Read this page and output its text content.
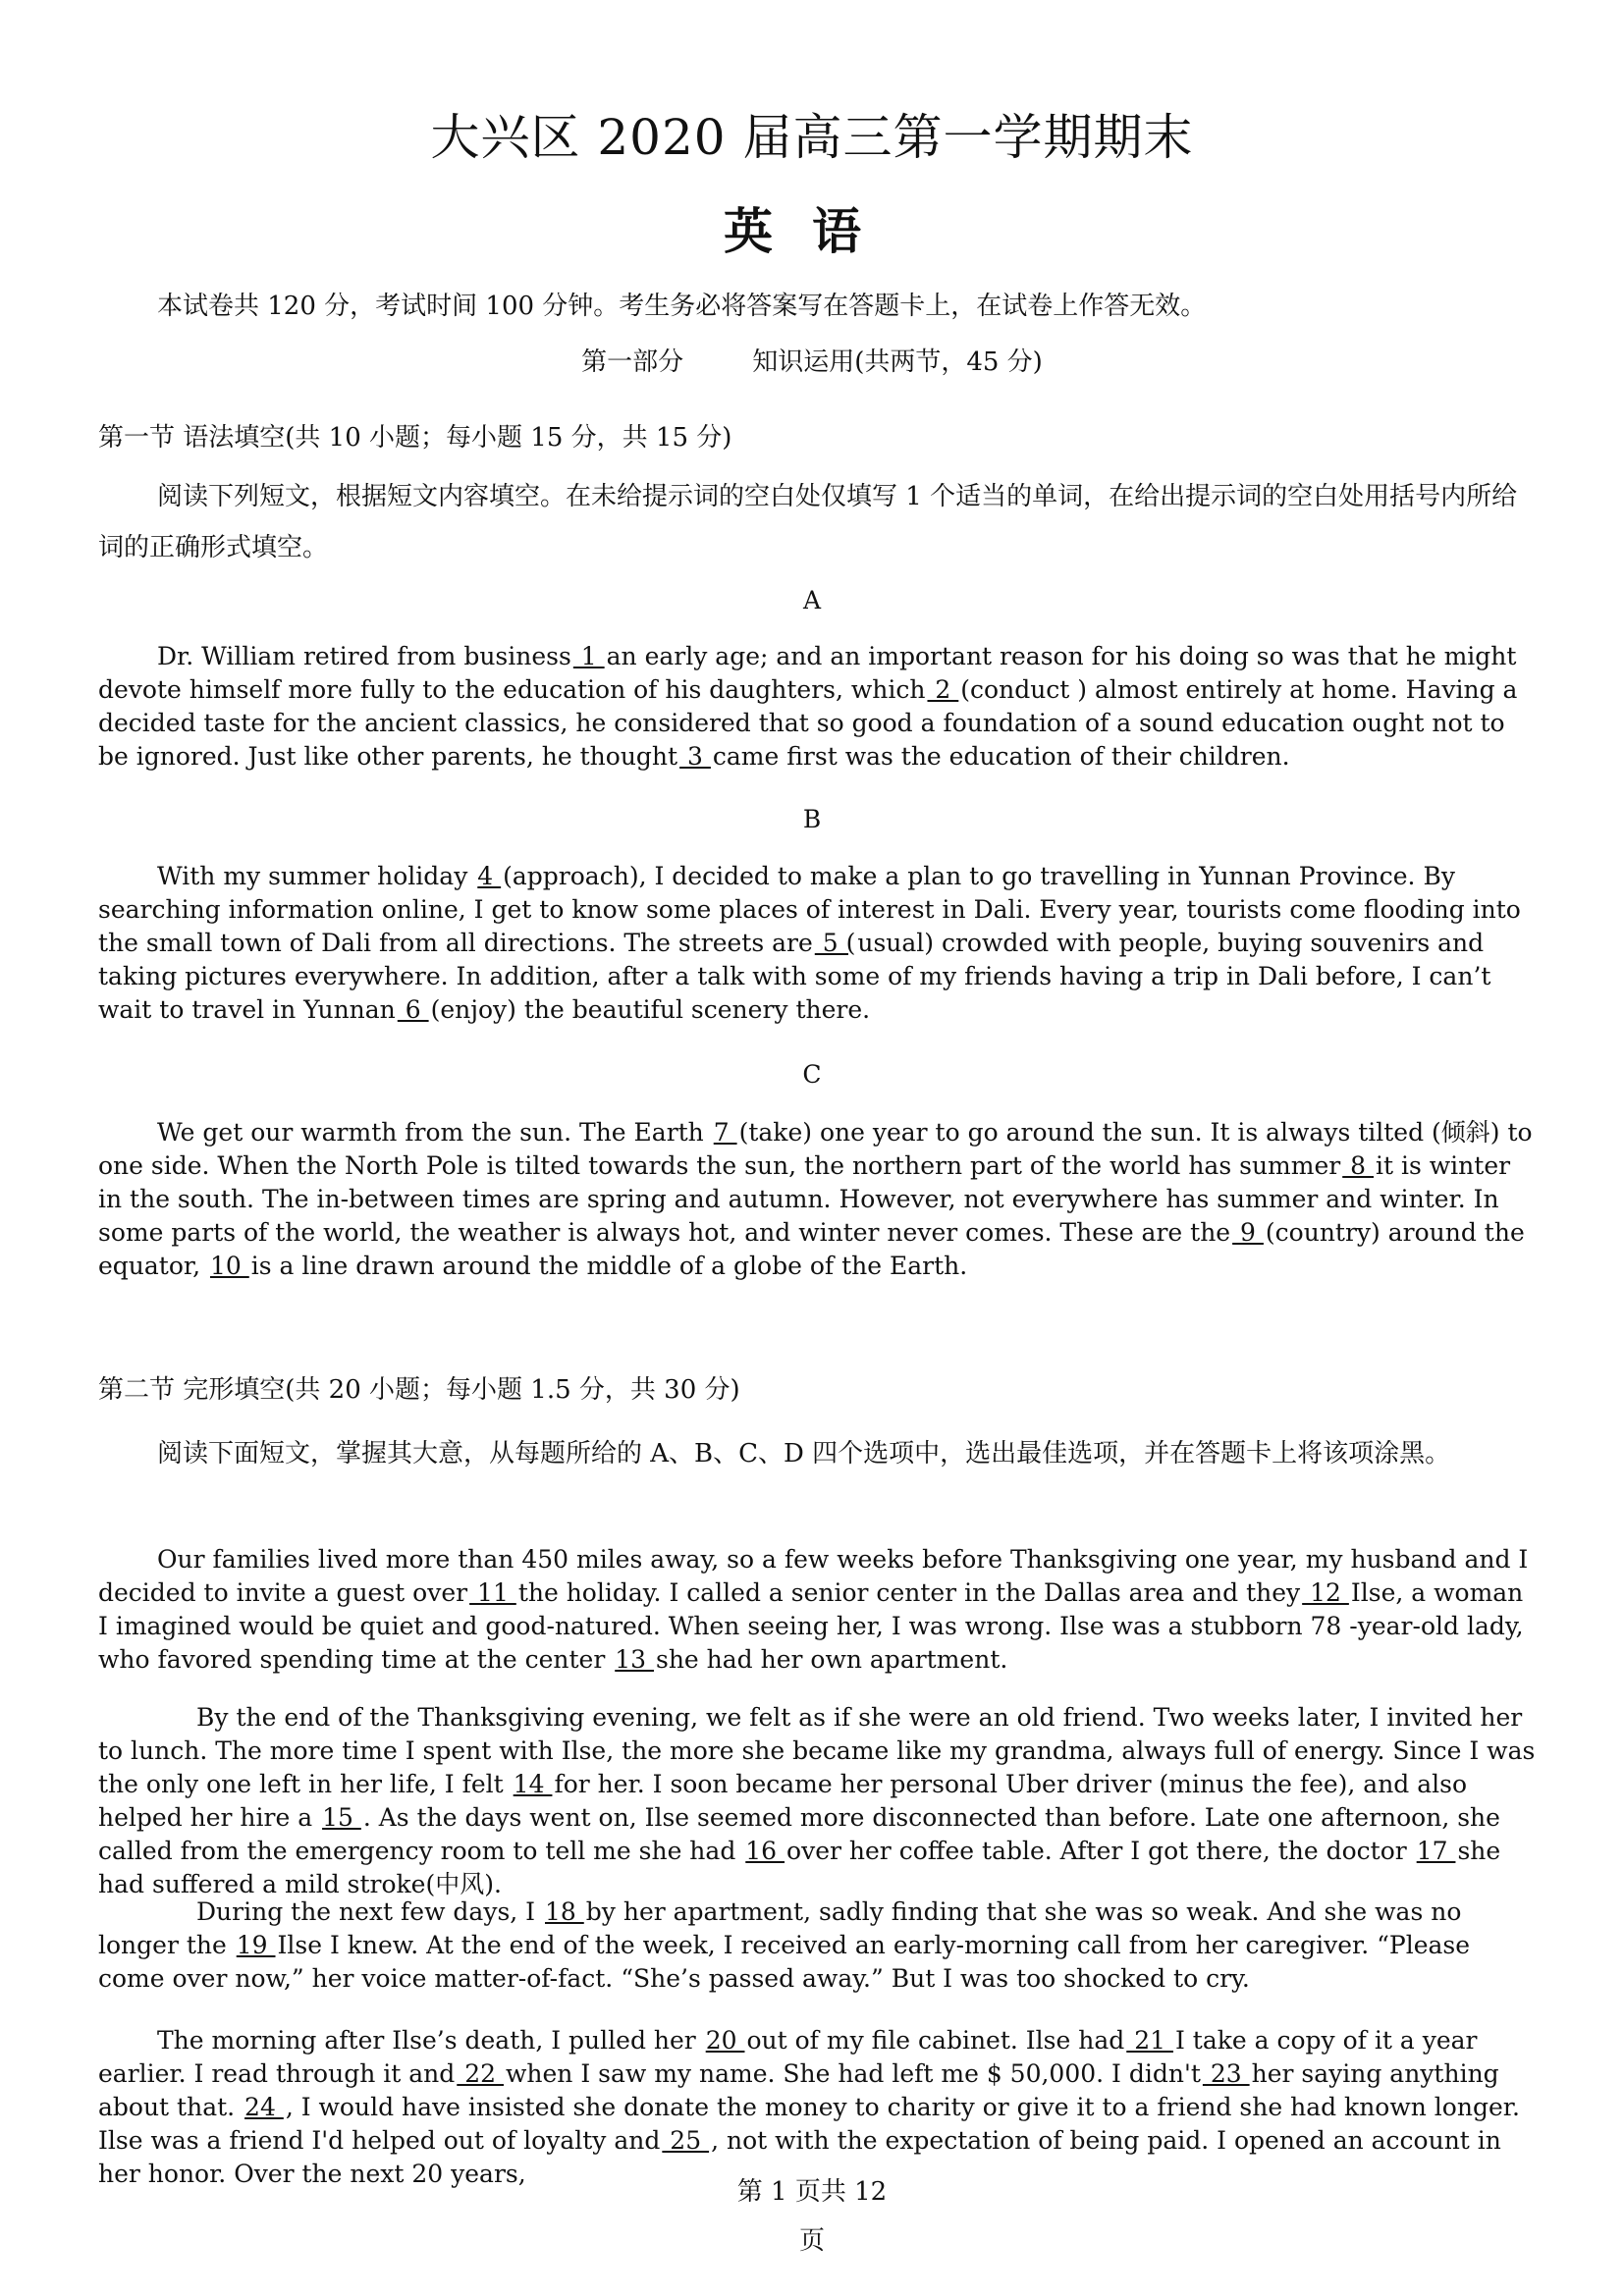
大兴区 2020 届高三第一学期期末
英语

本试卷共 120 分，考试时间 100 分钟。考生务必将答案写在答题卡上，在试卷上作答无效。

第一部分	知识运用(共两节，45 分)

第一节 语法填空(共 10 小题；每小题 15 分，共 15 分)

阅读下列短文，根据短文内容填空。在未给提示词的空白处仅填写 1 个适当的单词，在给出提示词的空白处用括号内所给词的正确形式填空。

A

Dr. William retired from business 1 an early age; and an important reason for his doing so was that he might devote himself more fully to the education of his daughters, which 2 (conduct ) almost entirely at home. Having a decided taste for the ancient classics, he considered that so good a foundation of a sound education ought not to be ignored. Just like other parents, he thought 3 came first was the education of their children.

B

With my summer holiday 4 (approach), I decided to make a plan to go travelling in Yunnan Province. By searching information online, I get to know some places of interest in Dali. Every year, tourists come flooding into the small town of Dali from all directions. The streets are 5 (usual) crowded with people, buying souvenirs and taking pictures everywhere. In addition, after a talk with some of my friends having a trip in Dali before, I can’t wait to travel in Yunnan 6 (enjoy) the beautiful scenery there.

C

We get our warmth from the sun. The Earth 7 (take) one year to go around the sun. It is always tilted (倾斜) to one side. When the North Pole is tilted towards the sun, the northern part of the world has summer 8 it is winter in the south. The in-between times are spring and autumn. However, not everywhere has summer and winter. In some parts of the world, the weather is always hot, and winter never comes. These are the 9 (country) around the equator, 10 is a line drawn around the middle of a globe of the Earth.

第二节 完形填空(共 20 小题；每小题 1.5 分，共 30 分)

阅读下面短文，掌握其大意，从每题所给的 A、B、C、D 四个选项中，选出最佳选项，并在答题卡上将该项涂黑。

Our families lived more than 450 miles away, so a few weeks before Thanksgiving one year, my husband and I decided to invite a guest over 11 the holiday. I called a senior center in the Dallas area and they 12 Ilse, a woman I imagined would be quiet and good-natured. When seeing her, I was wrong. Ilse was a stubborn 78 -year-old lady, who favored spending time at the center 13 she had her own apartment.

By the end of the Thanksgiving evening, we felt as if she were an old friend. Two weeks later, I invited her to lunch. The more time I spent with Ilse, the more she became like my grandma, always full of energy. Since I was the only one left in her life, I felt 14 for her. I soon became her personal Uber driver (minus the fee), and also helped her hire a 15 . As the days went on, Ilse seemed more disconnected than before. Late one afternoon, she called from the emergency room to tell me she had 16 over her coffee table. After I got there, the doctor 17 she had suffered a mild stroke(中风).

During the next few days, I 18 by her apartment, sadly finding that she was so weak. And she was no longer the 19 Ilse I knew. At the end of the week, I received an early-morning call from her caregiver. “Please come over now,” her voice matter-of-fact. “She’s passed away.” But I was too shocked to cry.

The morning after Ilse’s death, I pulled her 20 out of my file cabinet. Ilse had 21 I take a copy of it a year earlier. I read through it and 22 when I saw my name. She had left me $ 50,000. I didn't 23 her saying anything about that. 24 , I would have insisted she donate the money to charity or give it to a friend she had known longer. Ilse was a friend I'd helped out of loyalty and 25 , not with the expectation of being paid. I opened an account in her honor. Over the next 20 years,

第 1 页共 12
页
